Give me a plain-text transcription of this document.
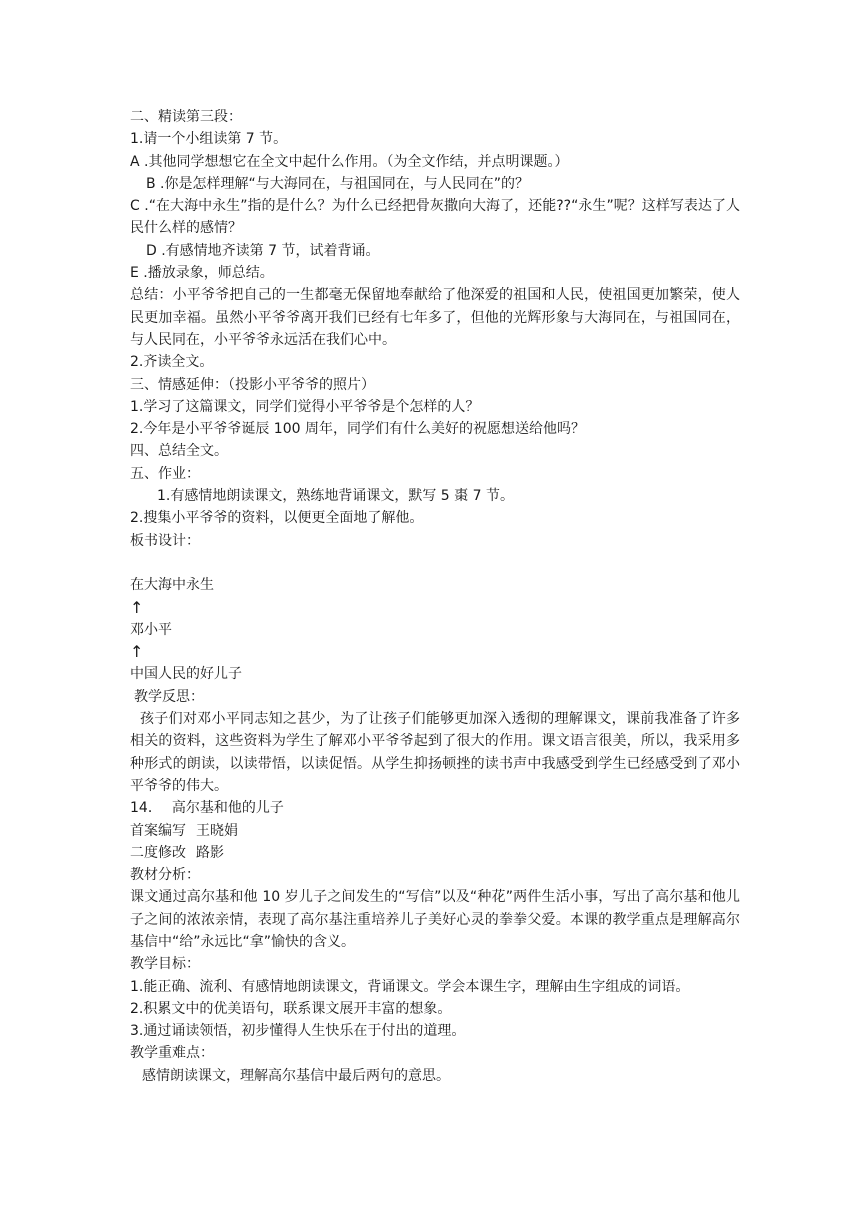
二、精读第三段：
1.请一个小组读第 7 节。
A .其他同学想想它在全文中起什么作用。（为全文作结，并点明课题。）
B .你是怎样理解“与大海同在，与祖国同在，与人民同在”的？
C .“在大海中永生”指的是什么？为什么已经把骨灰撒向大海了，还能??“永生”呢？这样写表达了人民什么样的感情？
D .有感情地齐读第 7 节，试着背诵。
E .播放录象，师总结。
总结：小平爷爷把自己的一生都毫无保留地奉献给了他深爱的祖国和人民，使祖国更加繁荣，使人民更加幸福。虽然小平爷爷离开我们已经有七年多了，但他的光辉形象与大海同在，与祖国同在，与人民同在，小平爷爷永远活在我们心中。
2.齐读全文。
三、情感延伸：（投影小平爷爷的照片）
1.学习了这篇课文，同学们觉得小平爷爷是个怎样的人？
2.今年是小平爷爷诞辰 100 周年，同学们有什么美好的祝愿想送给他吗？
四、总结全文。
五、作业：
1.有感情地朗读课文，熟练地背诵课文，默写 5 棗 7 节。
2.搜集小平爷爷的资料，以便更全面地了解他。
板书设计：
在大海中永生
↑
邓小平
↑
中国人民的好儿子
教学反思：
孩子们对邓小平同志知之甚少，为了让孩子们能够更加深入透彻的理解课文，课前我准备了许多相关的资料，这些资料为学生了解邓小平爷爷起到了很大的作用。课文语言很美，所以，我采用多种形式的朗读，以读带悟，以读促悟。从学生抑扬顿挫的读书声中我感受到学生已经感受到了邓小平爷爷的伟大。
14． 高尔基和他的儿子
首案编写 王晓娟
二度修改 路影
教材分析：
课文通过高尔基和他 10 岁儿子之间发生的“写信”以及“种花”两件生活小事，写出了高尔基和他儿子之间的浓浓亲情，表现了高尔基注重培养儿子美好心灵的拳拳父爱。本课的教学重点是理解高尔基信中“给”永远比“拿”愉快的含义。
教学目标：
1.能正确、流利、有感情地朗读课文，背诵课文。学会本课生字，理解由生字组成的词语。
2.积累文中的优美语句，联系课文展开丰富的想象。
3.通过诵读领悟，初步懂得人生快乐在于付出的道理。
教学重难点：
感情朗读课文，理解高尔基信中最后两句的意思。
